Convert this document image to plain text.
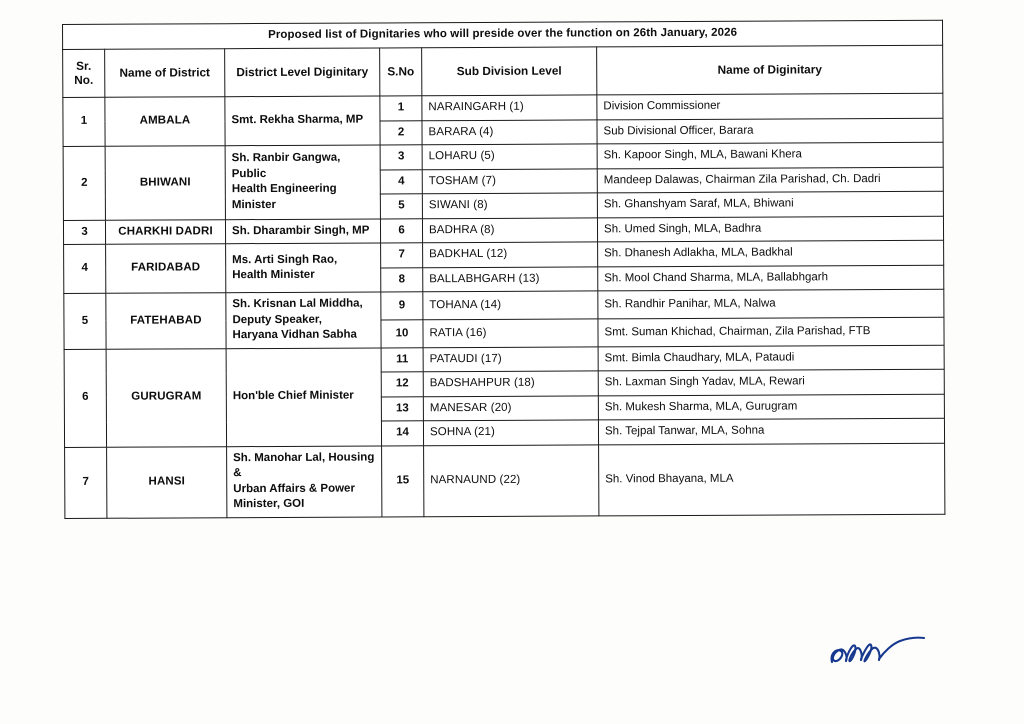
Proposed list of Dignitaries who will preside over the function on 26th January, 2026					
Sr.
No.	Name of District	District Level Diginitary	S.No	Sub Division Level	Name of Diginitary
1	AMBALA	Smt. Rekha Sharma, MP	1	NARAINGARH (1)	Division Commissioner
			2	BARARA (4)	Sub Divisional Officer, Barara
2	BHIWANI	Sh. Ranbir Gangwa, Public
Health Engineering Minister	3	LOHARU (5)	Sh. Kapoor Singh, MLA, Bawani Khera
			4	TOSHAM (7)	Mandeep Dalawas, Chairman Zila Parishad, Ch. Dadri
			5	SIWANI (8)	Sh. Ghanshyam Saraf, MLA, Bhiwani
3	CHARKHI DADRI	Sh. Dharambir Singh, MP	6	BADHRA (8)	Sh. Umed Singh, MLA, Badhra
4	FARIDABAD	Ms. Arti Singh Rao,
Health Minister	7	BADKHAL (12)	Sh. Dhanesh Adlakha, MLA, Badkhal
			8	BALLABHGARH (13)	Sh. Mool Chand Sharma, MLA, Ballabhgarh
5	FATEHABAD	Sh. Krisnan Lal Middha,
Deputy Speaker,
Haryana Vidhan Sabha	9	TOHANA (14)	Sh. Randhir Panihar, MLA, Nalwa
			10	RATIA (16)	Smt. Suman Khichad, Chairman, Zila Parishad, FTB
6	GURUGRAM	Hon'ble Chief Minister	11	PATAUDI (17)	Smt. Bimla Chaudhary, MLA, Pataudi
			12	BADSHAHPUR (18)	Sh. Laxman Singh Yadav, MLA, Rewari
			13	MANESAR (20)	Sh. Mukesh Sharma, MLA, Gurugram
			14	SOHNA (21)	Sh. Tejpal Tanwar, MLA, Sohna
7	HANSI	Sh. Manohar Lal, Housing &
Urban Affairs & Power
Minister, GOI	15	NARNAUND (22)	Sh. Vinod Bhayana, MLA
